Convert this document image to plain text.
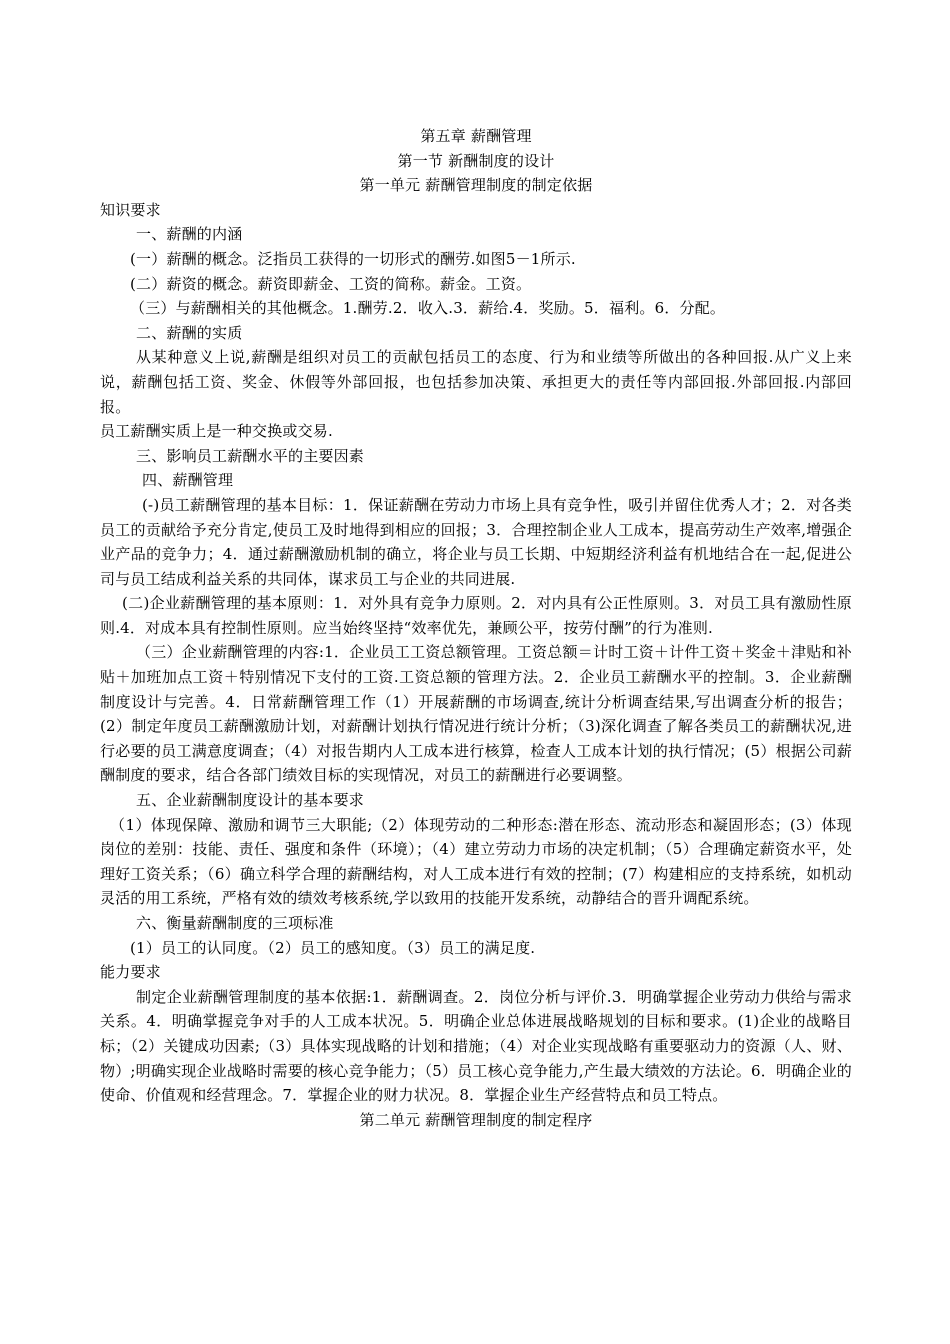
第五章 薪酬管理

第一节 新酬制度的设计

第一单元 薪酬管理制度的制定依据

知识要求

一、薪酬的内涵

(一）薪酬的概念。泛指员工获得的一切形式的酬劳.如图5－1所示.

(二）薪资的概念。薪资即薪金、工资的简称。薪金。工资。

（三）与薪酬相关的其他概念。1.酬劳.2．收入.3．薪给.4．奖励。5．福利。6．分配。

二、薪酬的实质

从某种意义上说,薪酬是组织对员工的贡献包括员工的态度、行为和业绩等所做出的各种回报.从广义上来说，薪酬包括工资、奖金、休假等外部回报，也包括参加决策、承担更大的责任等内部回报.外部回报.内部回报。

员工薪酬实质上是一种交换或交易.

三、影响员工薪酬水平的主要因素

四、薪酬管理

(-)员工薪酬管理的基本目标：1．保证薪酬在劳动力市场上具有竞争性，吸引并留住优秀人才；2．对各类员工的贡献给予充分肯定,使员工及时地得到相应的回报；3．合理控制企业人工成本，提高劳动生产效率,增强企业产品的竞争力；4．通过薪酬激励机制的确立，将企业与员工长期、中短期经济利益有机地结合在一起,促进公司与员工结成利益关系的共同体，谋求员工与企业的共同进展.

(二)企业薪酬管理的基本原则：1．对外具有竞争力原则。2．对内具有公正性原则。3．对员工具有激励性原则.4．对成本具有控制性原则。应当始终坚持“效率优先，兼顾公平，按劳付酬”的行为准则.

（三）企业薪酬管理的内容:1．企业员工工资总额管理。工资总额＝计时工资＋计件工资＋奖金＋津贴和补贴＋加班加点工资＋特别情况下支付的工资.工资总额的管理方法。2．企业员工薪酬水平的控制。3．企业薪酬制度设计与完善。4．日常薪酬管理工作（1）开展薪酬的市场调查,统计分析调查结果,写出调查分析的报告；(2）制定年度员工薪酬激励计划，对薪酬计划执行情况进行统计分析；（3)深化调查了解各类员工的薪酬状况,进行必要的员工满意度调查；（4）对报告期内人工成本进行核算，检查人工成本计划的执行情况；(5）根据公司薪酬制度的要求，结合各部门绩效目标的实现情况，对员工的薪酬进行必要调整。

五、企业薪酬制度设计的基本要求

（1）体现保障、激励和调节三大职能;（2）体现劳动的二种形态:潜在形态、流动形态和凝固形态；(3）体现岗位的差别：技能、责任、强度和条件（环境）；（4）建立劳动力市场的决定机制；（5）合理确定薪资水平，处理好工资关系；（6）确立科学合理的薪酬结构，对人工成本进行有效的控制；(7）构建相应的支持系统，如机动灵活的用工系统，严格有效的绩效考核系统,学以致用的技能开发系统，动静结合的晋升调配系统。

六、衡量薪酬制度的三项标准

(1）员工的认同度。（2）员工的感知度。（3）员工的满足度.

能力要求

制定企业薪酬管理制度的基本依据:1．薪酬调查。2．岗位分析与评价.3．明确掌握企业劳动力供给与需求关系。4．明确掌握竞争对手的人工成本状况。5．明确企业总体进展战略规划的目标和要求。(1)企业的战略目标；（2）关键成功因素;（3）具体实现战略的计划和措施；（4）对企业实现战略有重要驱动力的资源（人、财、物）;明确实现企业战略时需要的核心竞争能力；（5）员工核心竞争能力,产生最大绩效的方法论。6．明确企业的使命、价值观和经营理念。7．掌握企业的财力状况。8．掌握企业生产经营特点和员工特点。

第二单元 薪酬管理制度的制定程序
